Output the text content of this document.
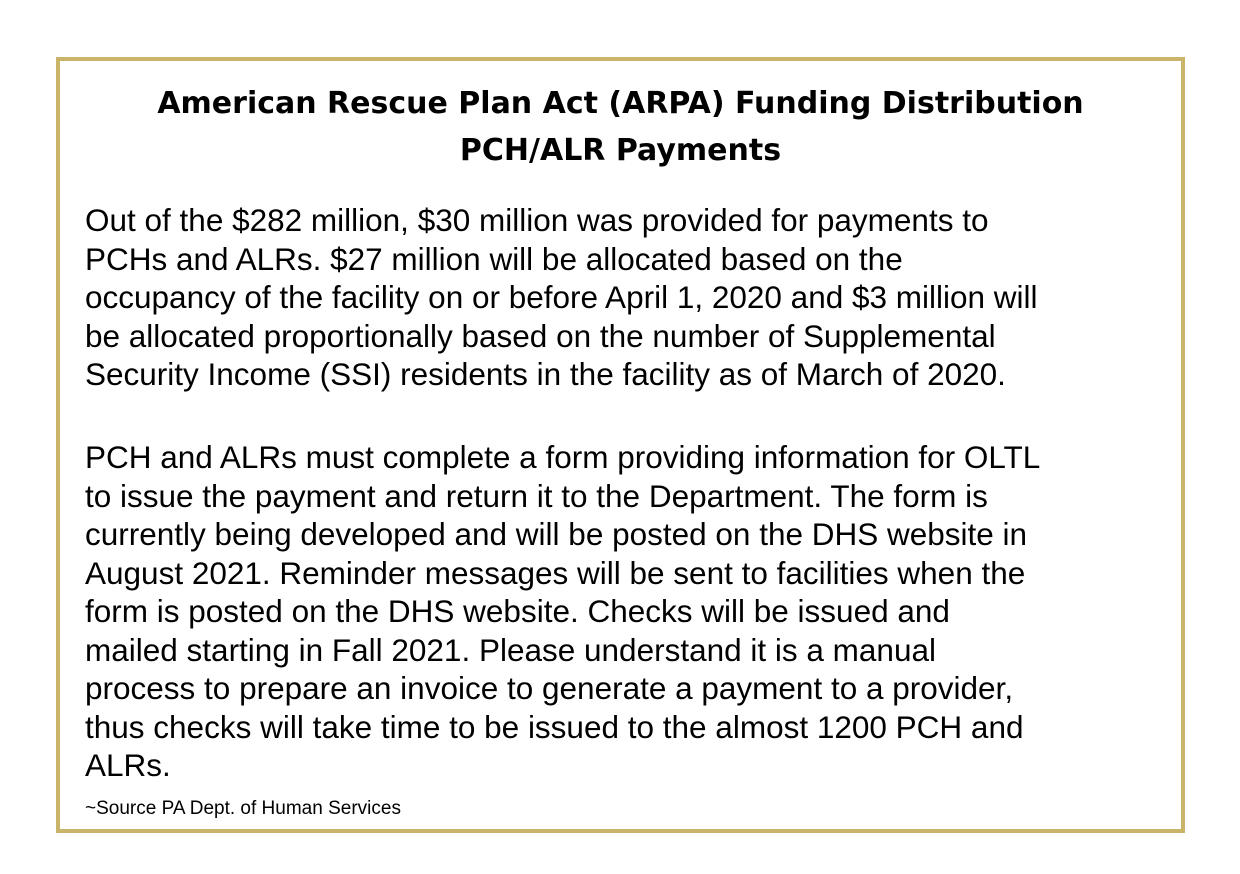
American Rescue Plan Act (ARPA) Funding Distribution
PCH/ALR Payments
Out of the $282 million, $30 million was provided for payments to
PCHs and ALRs. $27 million will be allocated based on the
occupancy of the facility on or before April 1, 2020 and $3 million will
be allocated proportionally based on the number of Supplemental
Security Income (SSI) residents in the facility as of March of 2020.
PCH and ALRs must complete a form providing information for OLTL
to issue the payment and return it to the Department. The form is
currently being developed and will be posted on the DHS website in
August 2021. Reminder messages will be sent to facilities when the
form is posted on the DHS website. Checks will be issued and
mailed starting in Fall 2021. Please understand it is a manual
process to prepare an invoice to generate a payment to a provider,
thus checks will take time to be issued to the almost 1200 PCH and
ALRs.
~Source PA Dept. of Human Services
